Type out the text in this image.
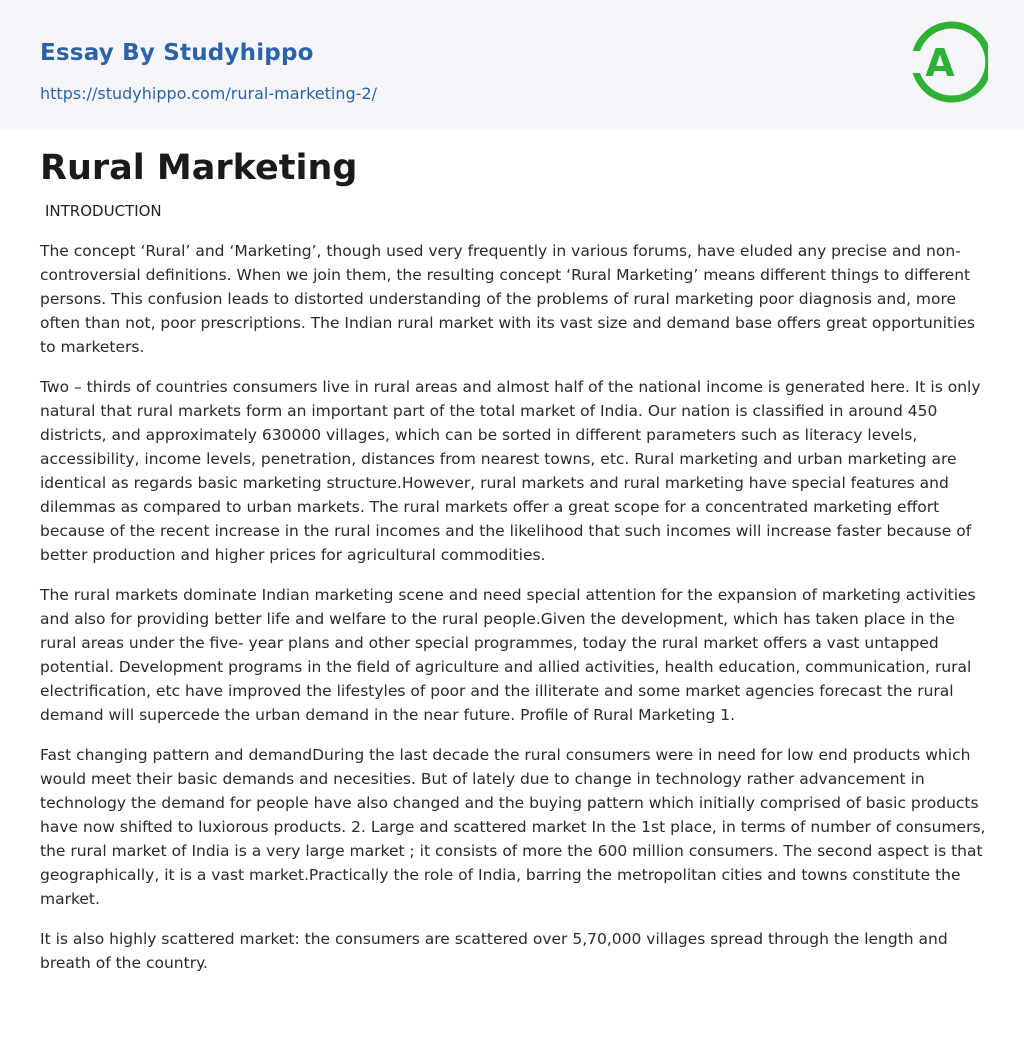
Essay By Studyhippo
https://studyhippo.com/rural-marketing-2/
A
Rural Marketing
INTRODUCTION

The concept ‘Rural’ and ‘Marketing’, though used very frequently in various forums, have eluded any precise and non- controversial definitions. When we join them, the resulting concept ‘Rural Marketing’ means different things to different persons. This confusion leads to distorted understanding of the problems of rural marketing poor diagnosis and, more often than not, poor prescriptions. The Indian rural market with its vast size and demand base offers great opportunities to marketers.

Two – thirds of countries consumers live in rural areas and almost half of the national income is generated here. It is only natural that rural markets form an important part of the total market of India. Our nation is classified in around 450 districts, and approximately 630000 villages, which can be sorted in different parameters such as literacy levels, accessibility, income levels, penetration, distances from nearest towns, etc. Rural marketing and urban marketing are identical as regards basic marketing structure.However, rural markets and rural marketing have special features and dilemmas as compared to urban markets. The rural markets offer a great scope for a concentrated marketing effort because of the recent increase in the rural incomes and the likelihood that such incomes will increase faster because of better production and higher prices for agricultural commodities.

The rural markets dominate Indian marketing scene and need special attention for the expansion of marketing activities and also for providing better life and welfare to the rural people.Given the development, which has taken place in the rural areas under the five- year plans and other special programmes, today the rural market offers a vast untapped potential. Development programs in the field of agriculture and allied activities, health education, communication, rural electrification, etc have improved the lifestyles of poor and the illiterate and some market agencies forecast the rural demand will supercede the urban demand in the near future. Profile of Rural Marketing 1.

Fast changing pattern and demandDuring the last decade the rural consumers were in need for low end products which would meet their basic demands and necesities. But of lately due to change in technology rather advancement in technology the demand for people have also changed and the buying pattern which initially comprised of basic products have now shifted to luxiorous products. 2. Large and scattered market In the 1st place, in terms of number of consumers, the rural market of India is a very large market ; it consists of more the 600 million consumers. The second aspect is that geographically, it is a vast market.Practically the role of India, barring the metropolitan cities and towns constitute the market.

It is also highly scattered market: the consumers are scattered over 5,70,000 villages spread through the length and breath of the country.
